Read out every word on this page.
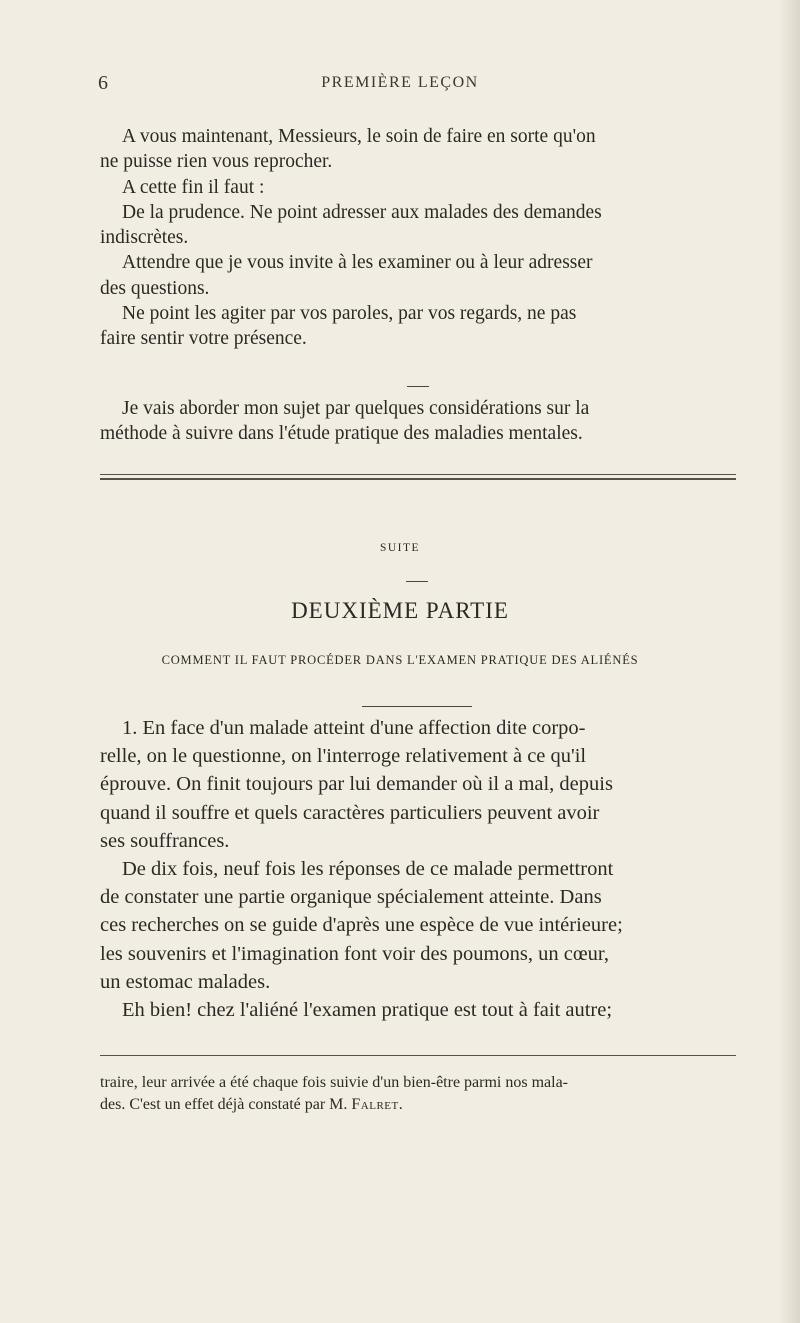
6	PREMIÈRE LEÇON
A vous maintenant, Messieurs, le soin de faire en sorte qu'on
ne puisse rien vous reprocher.
A cette fin il faut :
De la prudence. Ne point adresser aux malades des demandes
indiscrètes.
Attendre que je vous invite à les examiner ou à leur adresser
des questions.
Ne point les agiter par vos paroles, par vos regards, ne pas
faire sentir votre présence.
Je vais aborder mon sujet par quelques considérations sur la
méthode à suivre dans l'étude pratique des maladies mentales.
SUITE
DEUXIÈME PARTIE
COMMENT IL FAUT PROCÉDER DANS L'EXAMEN PRATIQUE DES ALIÉNÉS
1. En face d'un malade atteint d'une affection dite corpo-
relle, on le questionne, on l'interroge relativement à ce qu'il
éprouve. On finit toujours par lui demander où il a mal, depuis
quand il souffre et quels caractères particuliers peuvent avoir
ses souffrances.
De dix fois, neuf fois les réponses de ce malade permettront
de constater une partie organique spécialement atteinte. Dans
ces recherches on se guide d'après une espèce de vue intérieure;
les souvenirs et l'imagination font voir des poumons, un cœur,
un estomac malades.
Eh bien! chez l'aliéné l'examen pratique est tout à fait autre;
traire, leur arrivée a été chaque fois suivie d'un bien-être parmi nos mala-
des. C'est un effet déjà constaté par M. Falret.
